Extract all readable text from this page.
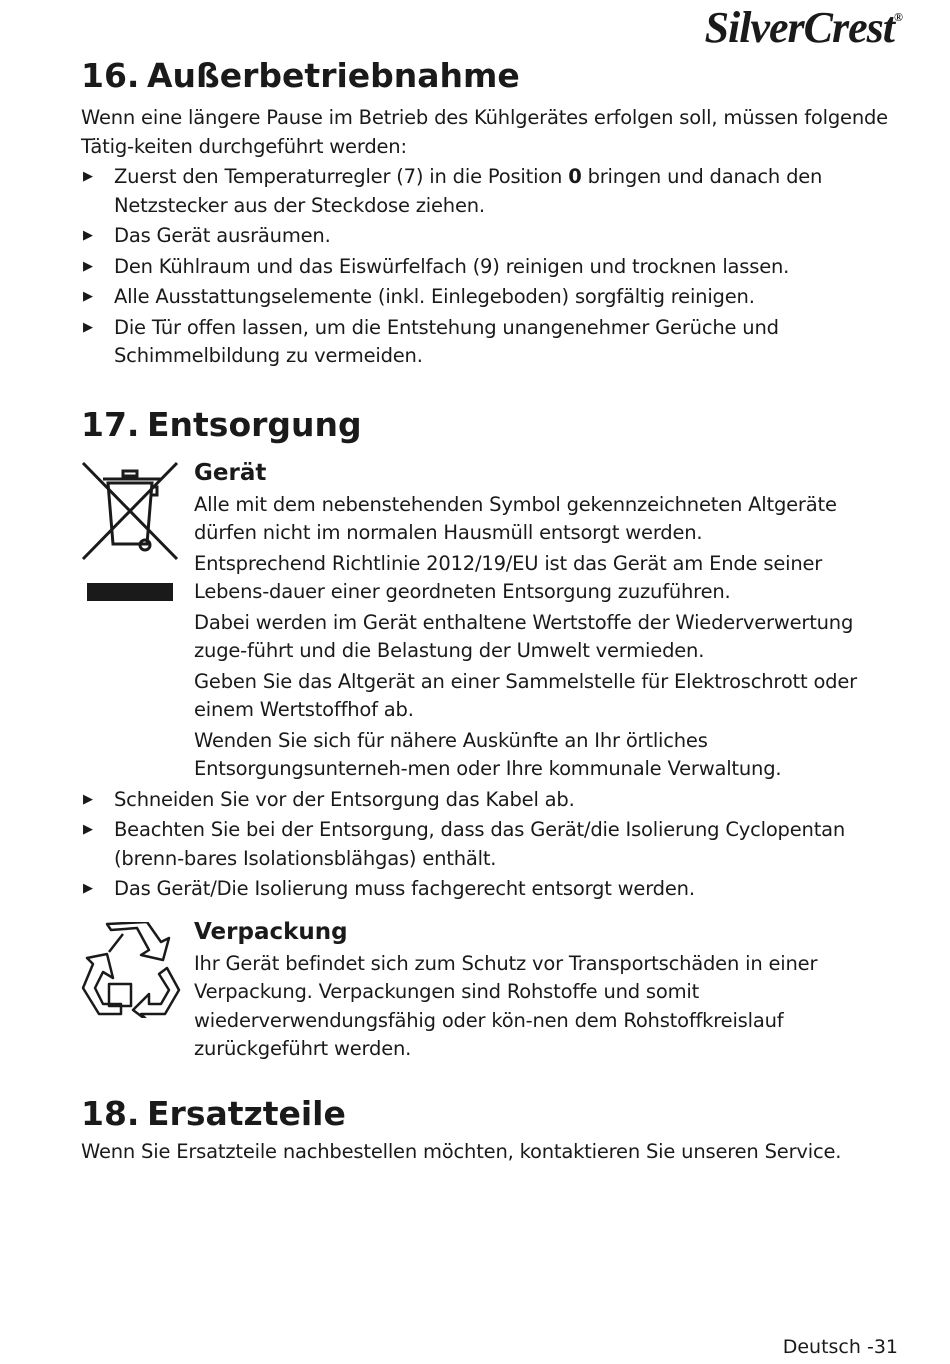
SilverCrest®
16. Außerbetriebnahme

Wenn eine längere Pause im Betrieb des Kühlgerätes erfolgen soll, müssen folgende Tätig-keiten durchgeführt werden:

▶ Zuerst den Temperaturregler (7) in die Position 0 bringen und danach den Netzstecker aus der Steckdose ziehen.
▶ Das Gerät ausräumen.
▶ Den Kühlraum und das Eiswürfelfach (9) reinigen und trocknen lassen.
▶ Alle Ausstattungselemente (inkl. Einlegeboden) sorgfältig reinigen.
▶ Die Tür offen lassen, um die Entstehung unangenehmer Gerüche und Schimmelbildung zu vermeiden.
17. Entsorgung
Gerät

Alle mit dem nebenstehenden Symbol gekennzeichneten Altgeräte dürfen nicht im normalen Hausmüll entsorgt werden.

Entsprechend Richtlinie 2012/19/EU ist das Gerät am Ende seiner Lebens-dauer einer geordneten Entsorgung zuzuführen.

Dabei werden im Gerät enthaltene Wertstoffe der Wiederverwertung zuge-führt und die Belastung der Umwelt vermieden.

Geben Sie das Altgerät an einer Sammelstelle für Elektroschrott oder einem Wertstoffhof ab.

Wenden Sie sich für nähere Auskünfte an Ihr örtliches Entsorgungsunterneh-men oder Ihre kommunale Verwaltung.

▶ Schneiden Sie vor der Entsorgung das Kabel ab.
▶ Beachten Sie bei der Entsorgung, dass das Gerät/die Isolierung Cyclopentan (brenn-bares Isolationsblähgas) enthält.
▶ Das Gerät/Die Isolierung muss fachgerecht entsorgt werden.
Verpackung

Ihr Gerät befindet sich zum Schutz vor Transportschäden in einer Verpackung. Verpackungen sind Rohstoffe und somit wiederverwendungsfähig oder kön-nen dem Rohstoffkreislauf zurückgeführt werden.

18. Ersatzteile

Wenn Sie Ersatzteile nachbestellen möchten, kontaktieren Sie unseren Service.

Deutsch -31
